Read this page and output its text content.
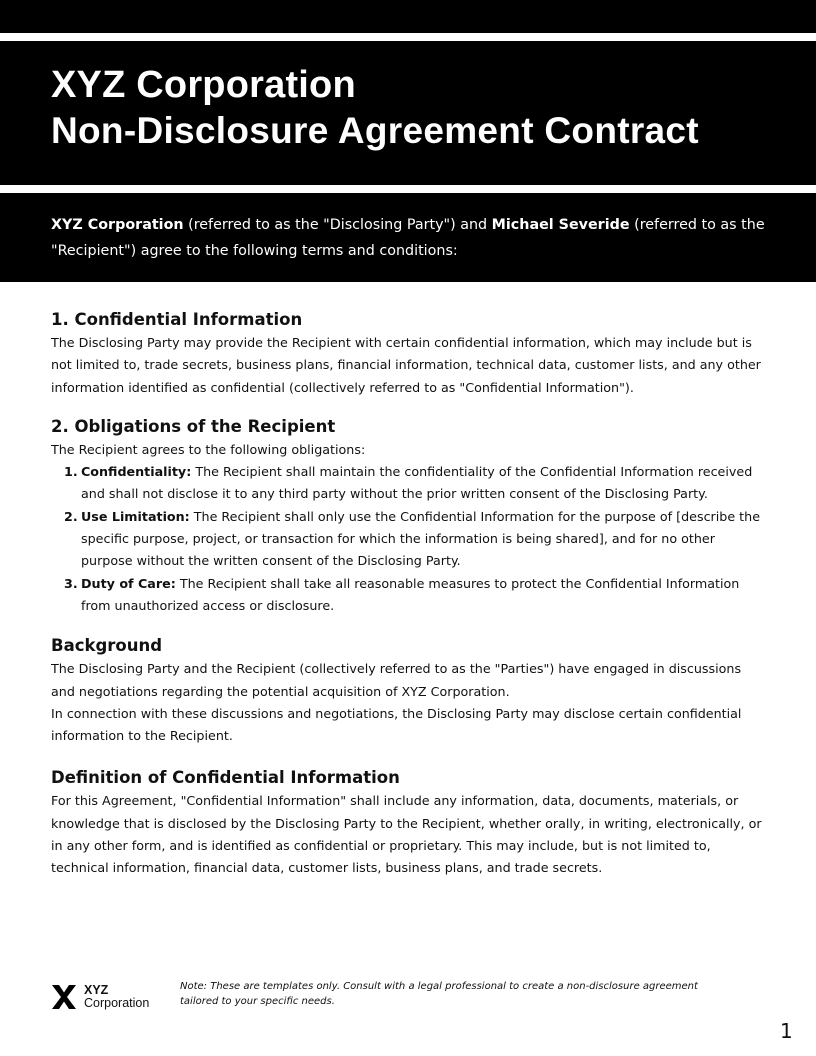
XYZ Corporation
Non-Disclosure Agreement Contract

XYZ Corporation (referred to as the "Disclosing Party") and Michael Severide (referred to as the "Recipient") agree to the following terms and conditions:

1. Confidential Information

The Disclosing Party may provide the Recipient with certain confidential information, which may include but is not limited to, trade secrets, business plans, financial information, technical data, customer lists, and any other information identified as confidential (collectively referred to as "Confidential Information").

2. Obligations of the Recipient

The Recipient agrees to the following obligations:

1. Confidentiality: The Recipient shall maintain the confidentiality of the Confidential Information received and shall not disclose it to any third party without the prior written consent of the Disclosing Party.
2. Use Limitation: The Recipient shall only use the Confidential Information for the purpose of [describe the specific purpose, project, or transaction for which the information is being shared], and for no other purpose without the written consent of the Disclosing Party.
3. Duty of Care: The Recipient shall take all reasonable measures to protect the Confidential Information from unauthorized access or disclosure.
Background

The Disclosing Party and the Recipient (collectively referred to as the "Parties") have engaged in discussions and negotiations regarding the potential acquisition of XYZ Corporation.

In connection with these discussions and negotiations, the Disclosing Party may disclose certain confidential information to the Recipient.

Definition of Confidential Information

For this Agreement, "Confidential Information" shall include any information, data, documents, materials, or knowledge that is disclosed by the Disclosing Party to the Recipient, whether orally, in writing, electronically, or in any other form, and is identified as confidential or proprietary. This may include, but is not limited to, technical information, financial data, customer lists, business plans, and trade secrets.

XYZ
Corporation

Note: These are templates only. Consult with a legal professional to create a non-disclosure agreement tailored to your specific needs.

1
